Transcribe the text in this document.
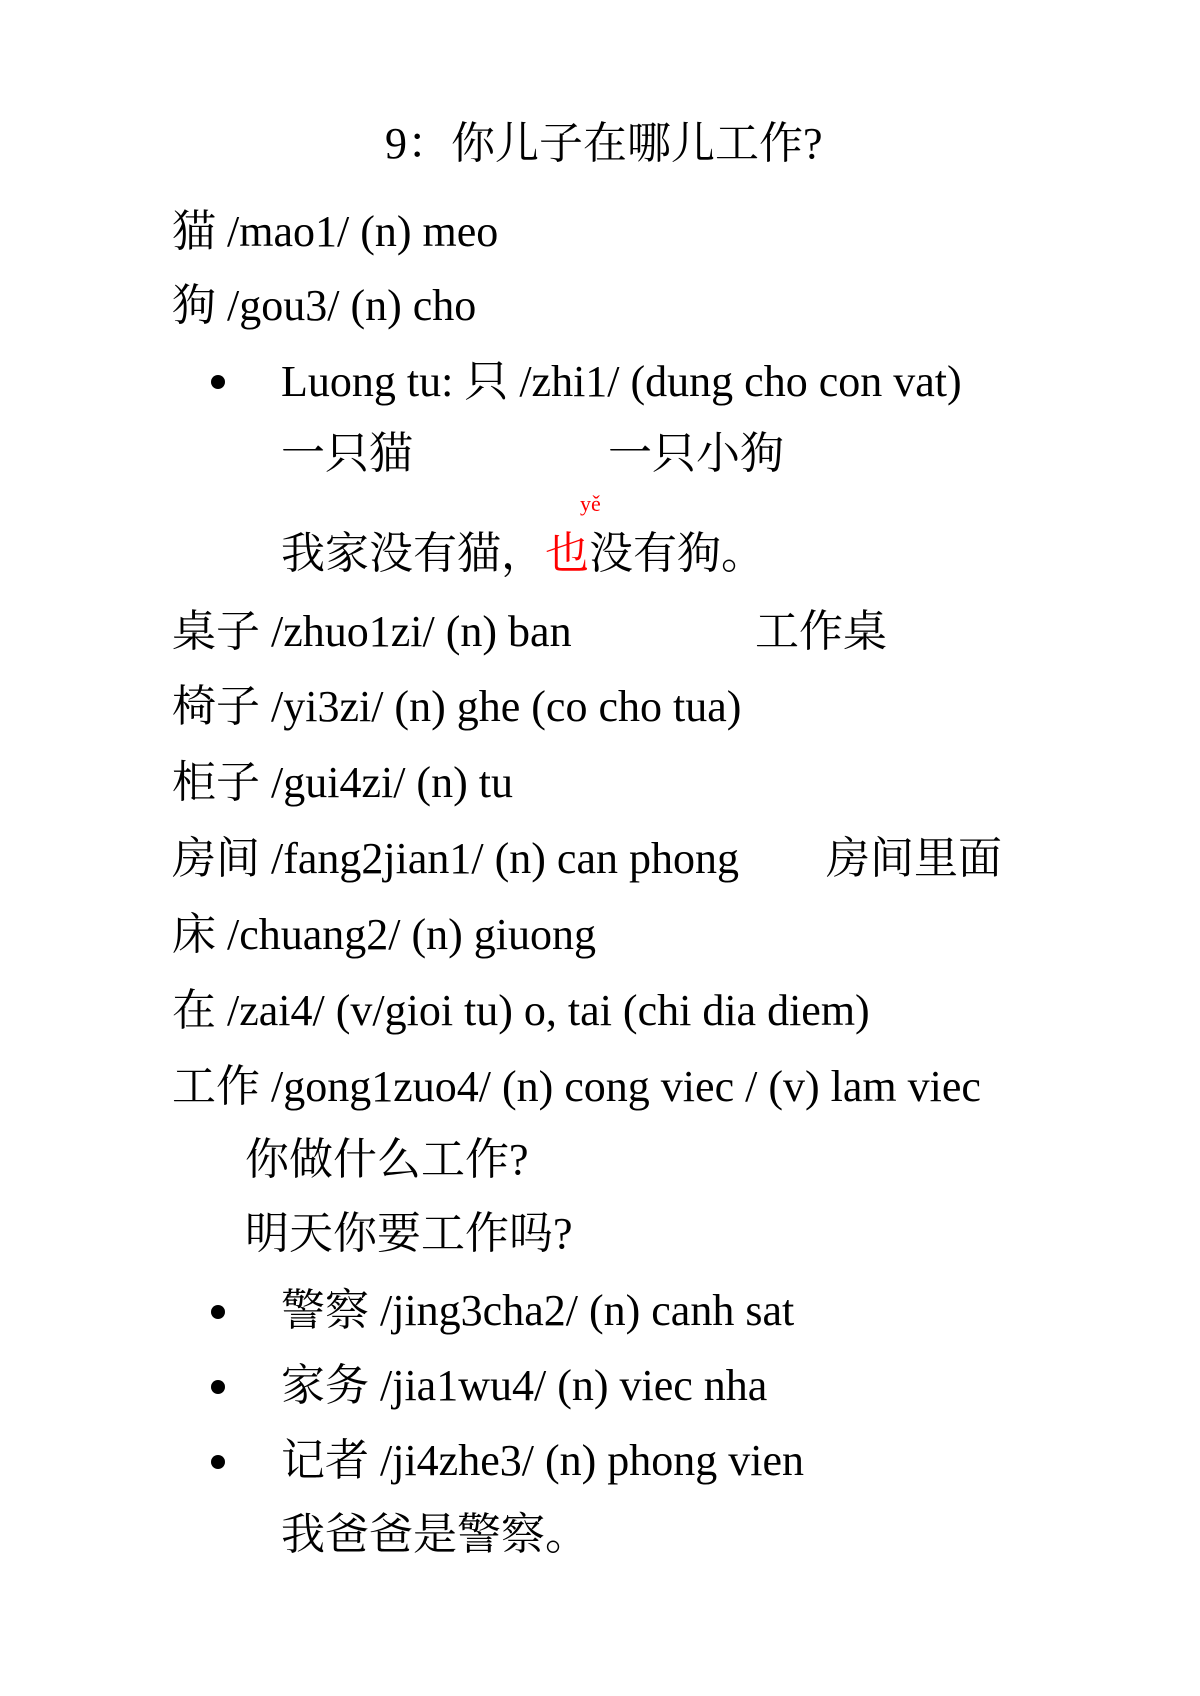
9：你儿子在哪儿工作?
猫 /mao1/ (n) meo
狗 /gou3/ (n) cho
Luong tu: 只 /zhi1/ (dung cho con vat)
一只猫	一只小狗
yě
我家没有猫，也没有狗。
桌子 /zhuo1zi/ (n) ban	工作桌
椅子 /yi3zi/ (n) ghe (co cho tua)
柜子 /gui4zi/ (n) tu
房间 /fang2jian1/ (n) can phong 房间里面
床 /chuang2/ (n) giuong
在 /zai4/ (v/gioi tu) o, tai (chi dia diem)
工作 /gong1zuo4/ (n) cong viec / (v) lam viec
你做什么工作?
明天你要工作吗?
警察 /jing3cha2/ (n) canh sat
家务 /jia1wu4/ (n) viec nha
记者 /ji4zhe3/ (n) phong vien
我爸爸是警察。
